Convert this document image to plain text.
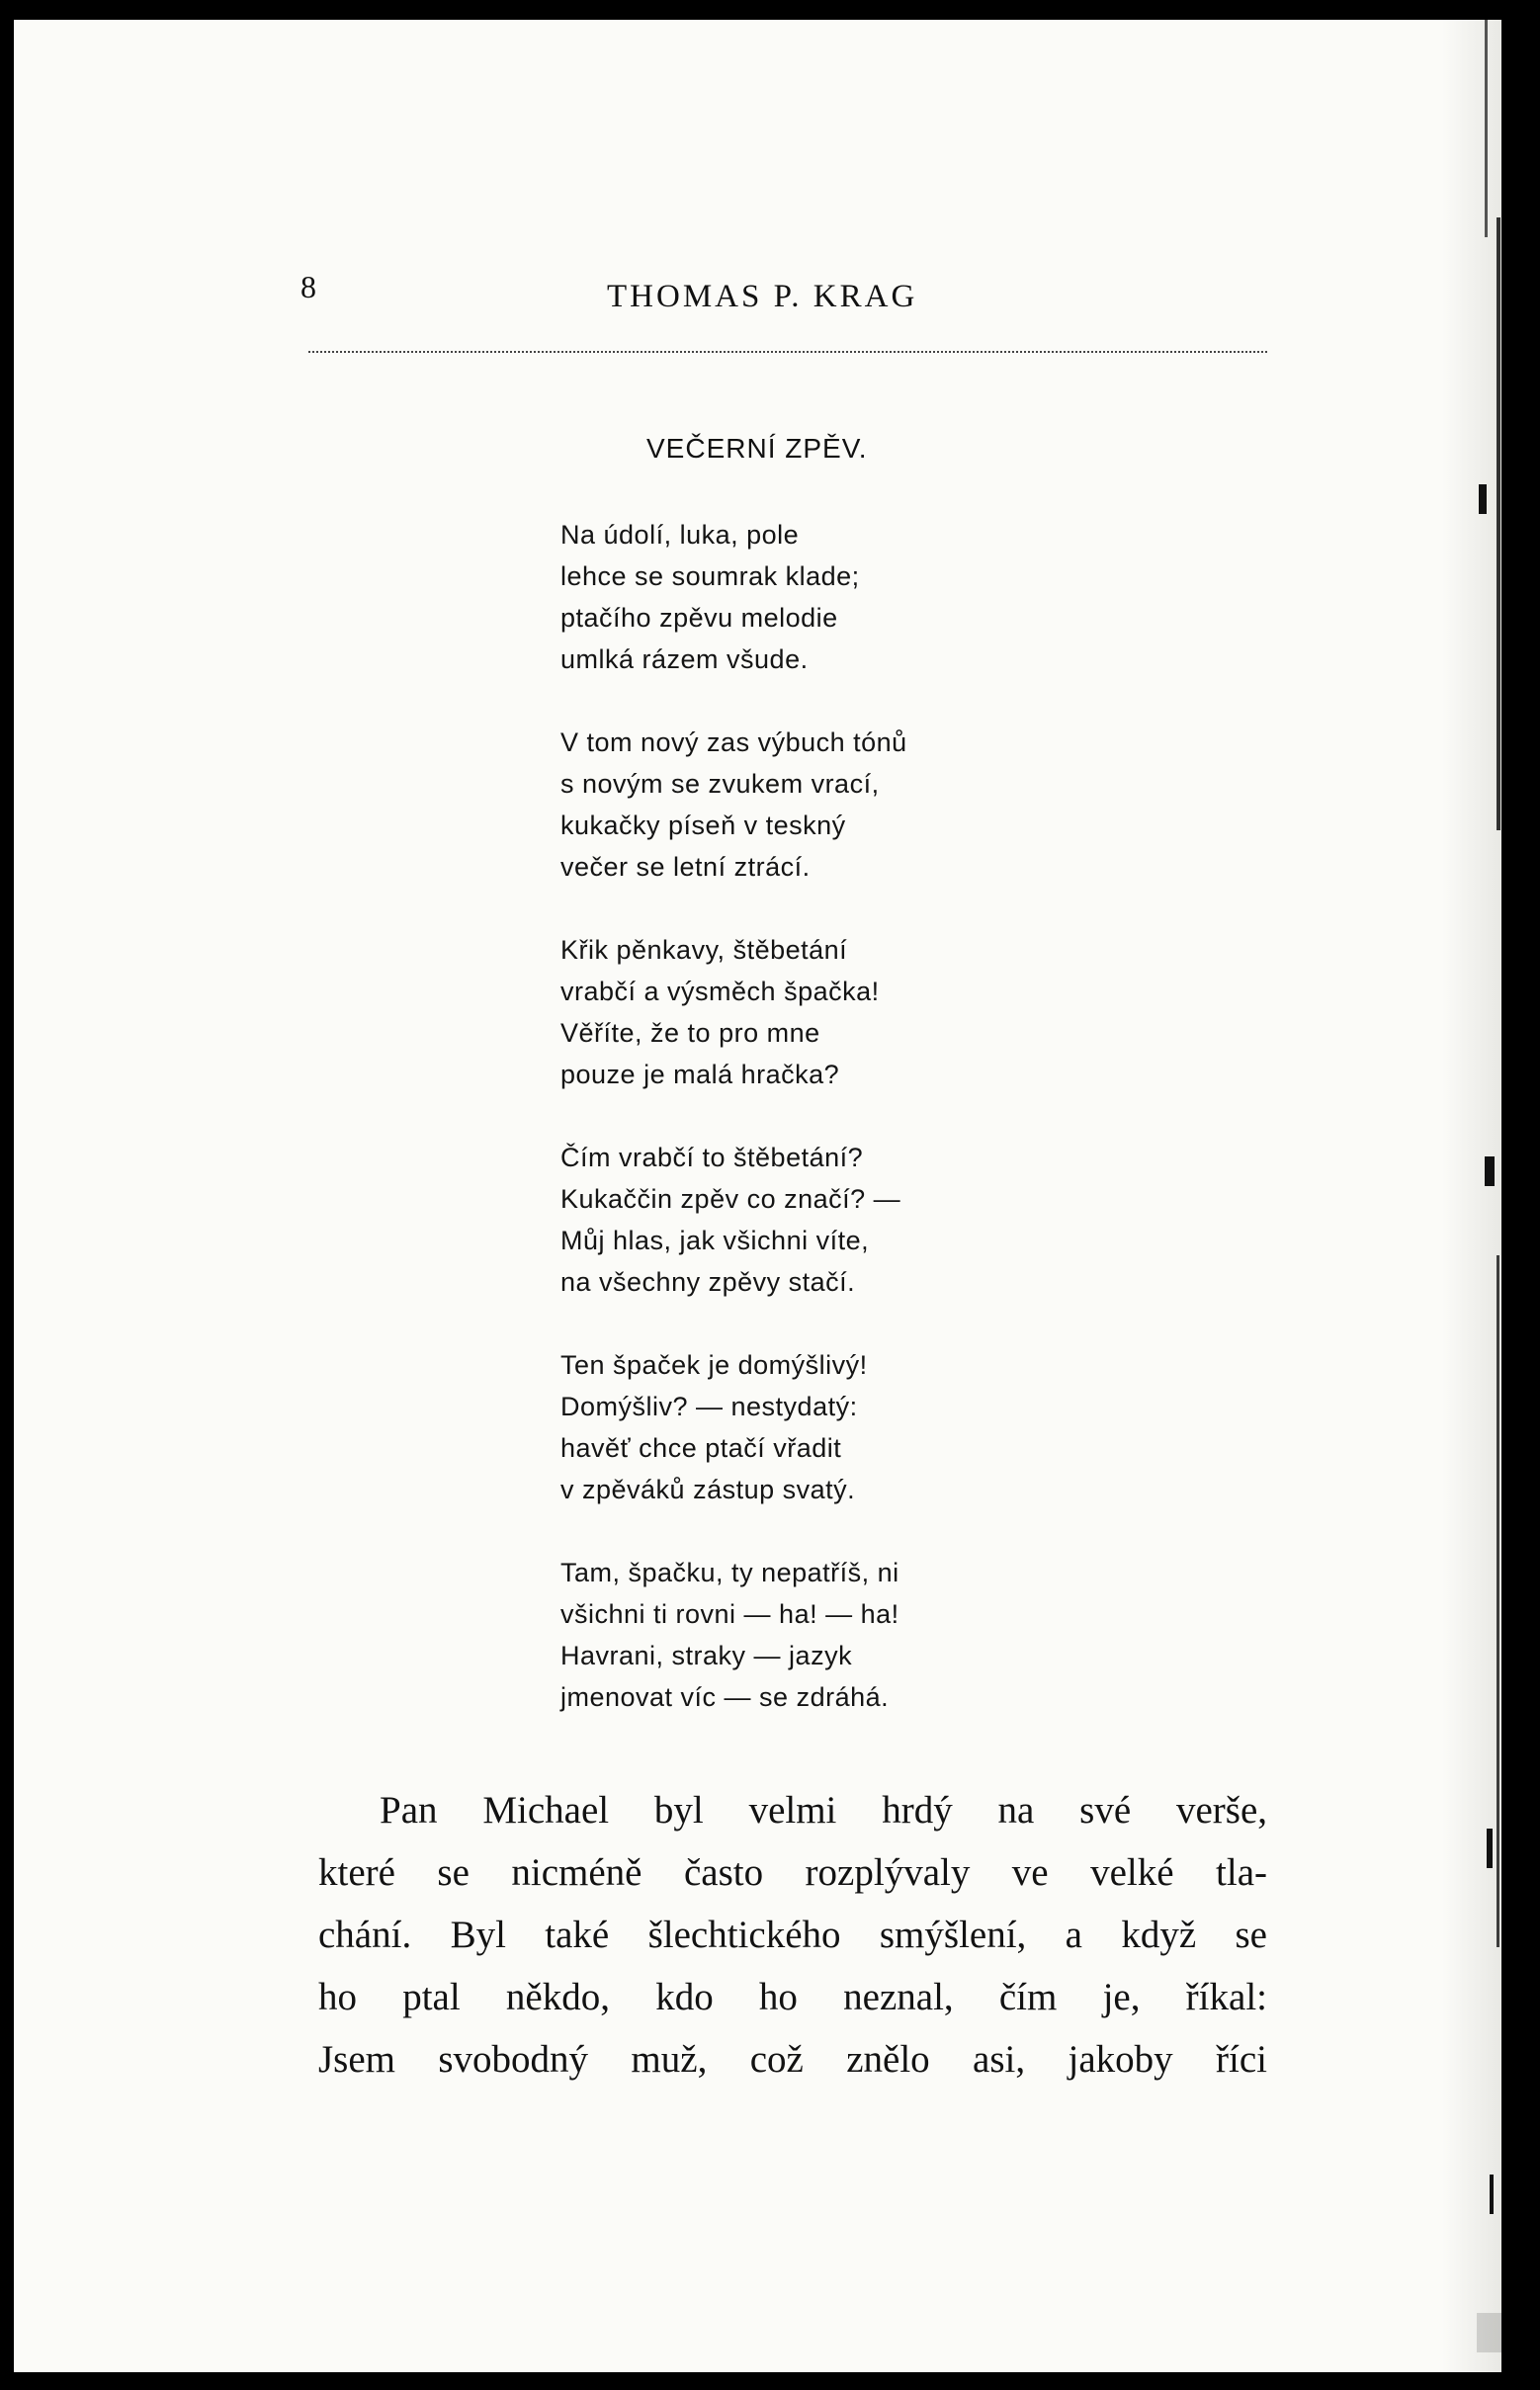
8	THOMAS P. KRAG
VEČERNÍ ZPĚV.
Na údolí, luka, pole
lehce se soumrak klade;
ptačího zpěvu melodie
umlká rázem všude.
V tom nový zas výbuch tónů
s novým se zvukem vrací,
kukačky píseň v teskný
večer se letní ztrácí.
Křik pěnkavy, štěbetání
vrabčí a výsměch špačka!
Věříte, že to pro mne
pouze je malá hračka?
Čím vrabčí to štěbetání?
Kukaččin zpěv co značí? —
Můj hlas, jak všichni víte,
na všechny zpěvy stačí.
Ten špaček je domýšlivý!
Domýšliv? — nestydatý:
havěť chce ptačí vřadit
v zpěváků zástup svatý.
Tam, špačku, ty nepatříš, ni
všichni ti rovni — ha! — ha!
Havrani, straky — jazyk
jmenovat víc — se zdráhá.
Pan Michael byl velmi hrdý na své verše,
které se nicméně často rozplývaly ve velké tla-
chání. Byl také šlechtického smýšlení, a když se
ho ptal někdo, kdo ho neznal, čím je, říkal:
Jsem svobodný muž, což znělo asi, jakoby říci
